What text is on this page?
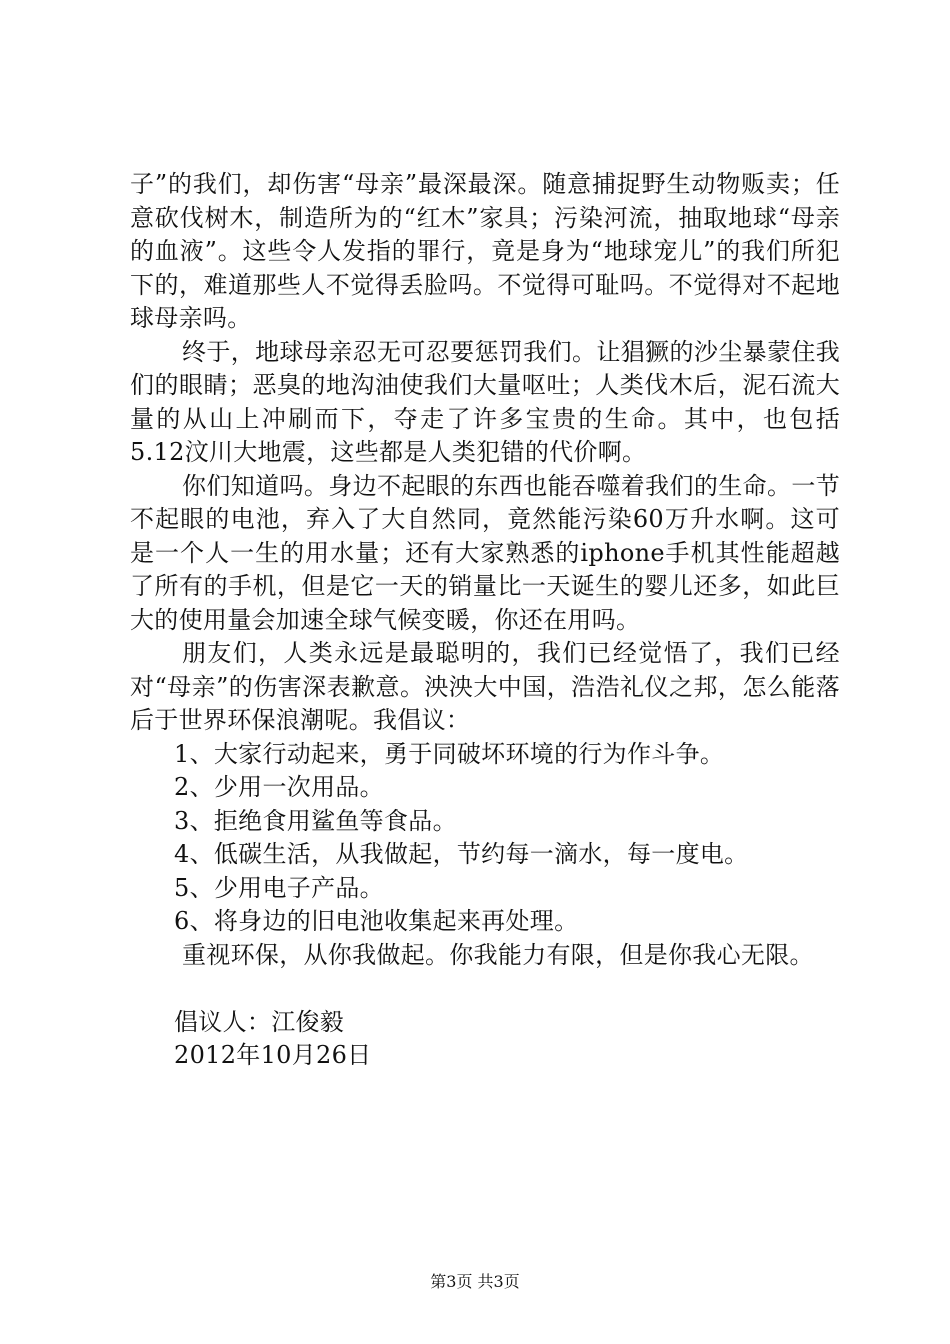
子”的我们，却伤害“母亲”最深最深。随意捕捉野生动物贩卖；任意砍伐树木，制造所为的“红木”家具；污染河流，抽取地球“母亲的血液”。这些令人发指的罪行，竟是身为“地球宠儿”的我们所犯下的，难道那些人不觉得丢脸吗。不觉得可耻吗。不觉得对不起地球母亲吗。

终于，地球母亲忍无可忍要惩罚我们。让猖獗的沙尘暴蒙住我们的眼睛；恶臭的地沟油使我们大量呕吐；人类伐木后，泥石流大量的从山上冲刷而下，夺走了许多宝贵的生命。其中，也包括5.12汶川大地震，这些都是人类犯错的代价啊。

你们知道吗。身边不起眼的东西也能吞噬着我们的生命。一节不起眼的电池，弃入了大自然同，竟然能污染60万升水啊。这可是一个人一生的用水量；还有大家熟悉的iphone手机其性能超越了所有的手机，但是它一天的销量比一天诞生的婴儿还多，如此巨大的使用量会加速全球气候变暖，你还在用吗。

朋友们，人类永远是最聪明的，我们已经觉悟了，我们已经对“母亲”的伤害深表歉意。泱泱大中国，浩浩礼仪之邦，怎么能落后于世界环保浪潮呢。我倡议：

1、大家行动起来，勇于同破坏环境的行为作斗争。
2、少用一次用品。
3、拒绝食用鲨鱼等食品。
4、低碳生活，从我做起，节约每一滴水，每一度电。
5、少用电子产品。
6、将身边的旧电池收集起来再处理。

重视环保，从你我做起。你我能力有限，但是你我心无限。

倡议人：江俊毅

2012年10月26日

第3页 共3页
